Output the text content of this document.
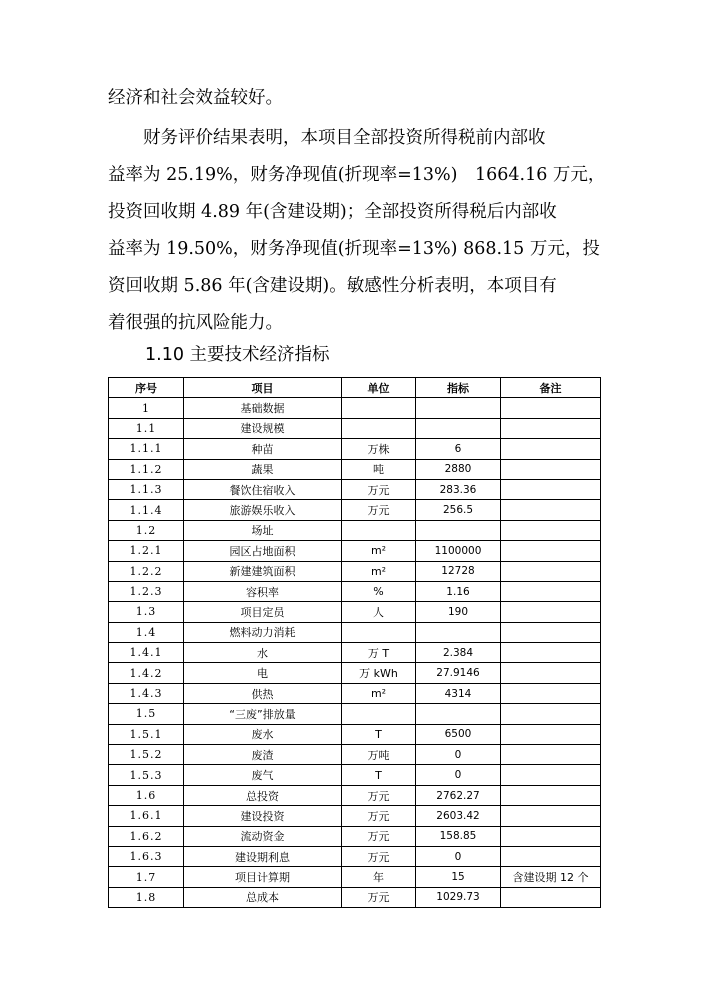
经济和社会效益较好。
财务评价结果表明，本项目全部投资所得税前内部收
益率为 25.19%，财务净现值(折现率=13%)　1664.16 万元，
投资回收期 4.89 年(含建设期)；全部投资所得税后内部收
益率为 19.50%，财务净现值(折现率=13%) 868.15 万元，投
资回收期 5.86 年(含建设期)。敏感性分析表明，本项目有
着很强的抗风险能力。
1.10 主要技术经济指标
序号	项目	单位	指标	备注
1	基础数据			
1.1	建设规模			
1.1.1	种苗	万株	6	
1.1.2	蔬果	吨	2880	
1.1.3	餐饮住宿收入	万元	283.36	
1.1.4	旅游娱乐收入	万元	256.5	
1.2	场址			
1.2.1	园区占地面积	m²	1100000	
1.2.2	新建建筑面积	m²	12728	
1.2.3	容积率	%	1.16	
1.3	项目定员	人	190	
1.4	燃料动力消耗			
1.4.1	水	万 T	2.384	
1.4.2	电	万 kWh	27.9146	
1.4.3	供热	m²	4314	
1.5	“三废”排放量			
1.5.1	废水	T	6500	
1.5.2	废渣	万吨	0	
1.5.3	废气	T	0	
1.6	总投资	万元	2762.27	
1.6.1	建设投资	万元	2603.42	
1.6.2	流动资金	万元	158.85	
1.6.3	建设期利息	万元	0	
1.7	项目计算期	年	15	含建设期 12 个
1.8	总成本	万元	1029.73	
